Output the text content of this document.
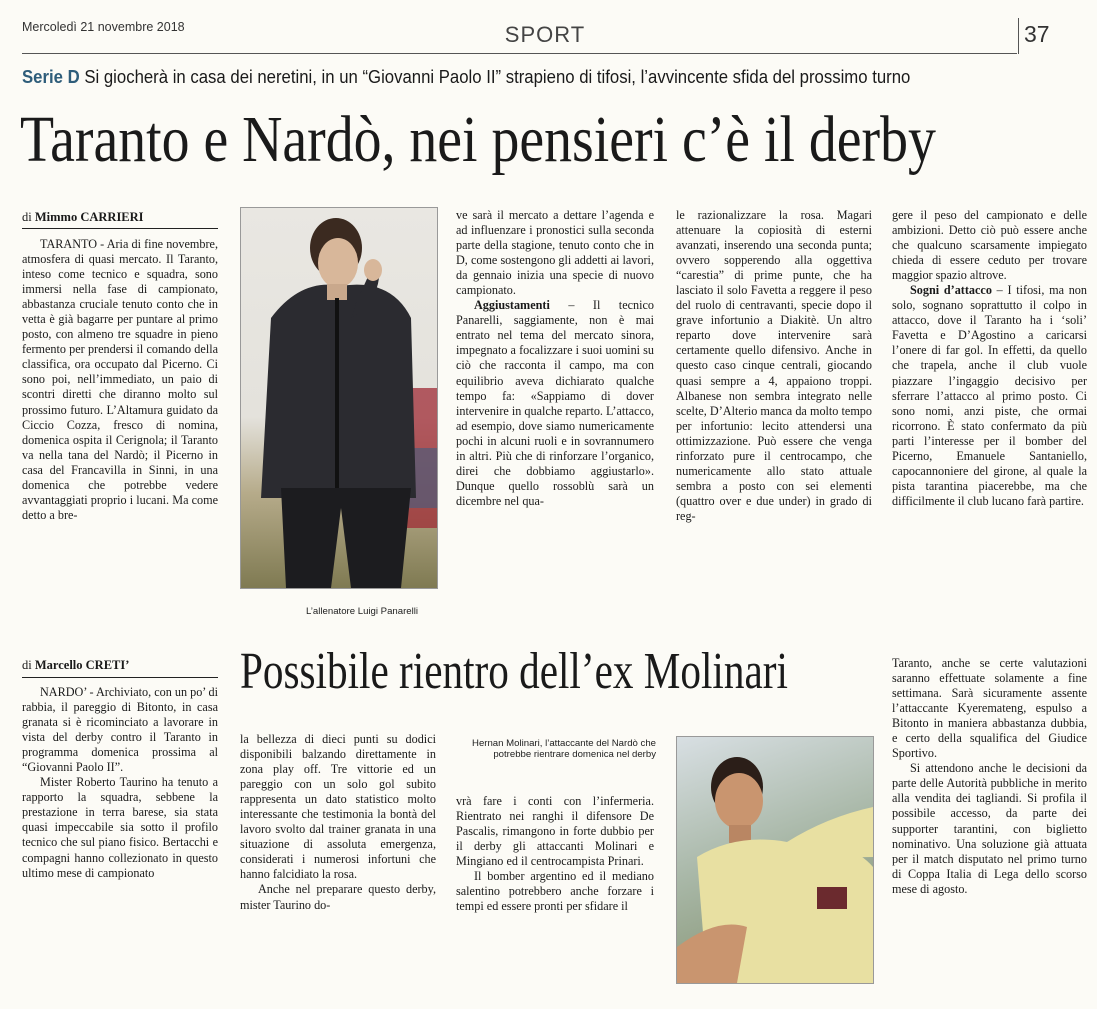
Mercoledì 21 novembre 2018	SPORT	37
Serie D Si giocherà in casa dei neretini, in un “Giovanni Paolo II” strapieno di tifosi, l’avvincente sfida del prossimo turno
Taranto e Nardò, nei pensieri c’è il derby
di Mimmo CARRIERI

TARANTO - Aria di fine novembre, atmosfera di quasi mercato. Il Taranto, inteso come tecnico e squadra, sono immersi nella fase di campionato, abbastanza cruciale tenuto conto che in vetta è già bagarre per puntare al primo posto, con almeno tre squadre in pieno fermento per prendersi il comando della classifica, ora occupato dal Picerno. Ci sono poi, nell’immediato, un paio di scontri diretti che diranno molto sul prossimo futuro. L’Altamura guidato da Ciccio Cozza, fresco di nomina, domenica ospita il Cerignola; il Taranto va nella tana del Nardò; il Picerno in casa del Francavilla in Sinni, in una domenica che potrebbe vedere avvantaggiati proprio i lucani. Ma come detto a bre-

L’allenatore Luigi Panarelli

ve sarà il mercato a dettare l’agenda e ad influenzare i pronostici sulla seconda parte della stagione, tenuto conto che in D, come sostengono gli addetti ai lavori, da gennaio inizia una specie di nuovo campionato.

Aggiustamenti – Il tecnico Panarelli, saggiamente, non è mai entrato nel tema del mercato sinora, impegnato a focalizzare i suoi uomini su ciò che racconta il campo, ma con equilibrio aveva dichiarato qualche tempo fa: «Sappiamo di dover intervenire in qualche reparto. L’attacco, ad esempio, dove siamo numericamente pochi in alcuni ruoli e in sovrannumero in altri. Più che di rinforzare l’organico, direi che dobbiamo aggiustarlo». Dunque quello rossoblù sarà un dicembre nel qua-

le razionalizzare la rosa. Magari attenuare la copiosità di esterni avanzati, inserendo una seconda punta; ovvero sopperendo alla oggettiva “carestia” di prime punte, che ha lasciato il solo Favetta a reggere il peso del ruolo di centravanti, specie dopo il grave infortunio a Diakitè. Un altro reparto dove intervenire sarà certamente quello difensivo. Anche in questo caso cinque centrali, giocando quasi sempre a 4, appaiono troppi. Albanese non sembra integrato nelle scelte, D’Alterio manca da molto tempo per infortunio: lecito attendersi una ottimizzazione. Può essere che venga rinforzato pure il centrocampo, che numericamente allo stato attuale sembra a posto con sei elementi (quattro over e due under) in grado di reg-

gere il peso del campionato e delle ambizioni. Detto ciò può essere anche che qualcuno scarsamente impiegato chieda di essere ceduto per trovare maggior spazio altrove.

Sogni d’attacco – I tifosi, ma non solo, sognano soprattutto il colpo in attacco, dove il Taranto ha i ‘soli’ Favetta e D’Agostino a caricarsi l’onere di far gol. In effetti, da quello che trapela, anche il club vuole piazzare l’ingaggio decisivo per sferrare l’attacco al primo posto. Ci sono nomi, anzi piste, che ormai ricorrono. È stato confermato da più parti l’interesse per il bomber del Picerno, Emanuele Santaniello, capocannoniere del girone, al quale la pista tarantina piacerebbe, ma che difficilmente il club lucano farà partire.

di Marcello CRETI’ Possibile rientro dell’ex Molinari

NARDO’ - Archiviato, con un po’ di rabbia, il pareggio di Bitonto, in casa granata si è ricominciato a lavorare in vista del derby contro il Taranto in programma domenica prossima al “Giovanni Paolo II”.

Mister Roberto Taurino ha tenuto a rapporto la squadra, sebbene la prestazione in terra barese, sia stata quasi impeccabile sia sotto il profilo tecnico che sul piano fisico. Bertacchi e compagni hanno collezionato in questo ultimo mese di campionato

la bellezza di dieci punti su dodici disponibili balzando direttamente in zona play off. Tre vittorie ed un pareggio con un solo gol subito rappresenta un dato statistico molto interessante che testimonia la bontà del lavoro svolto dal trainer granata in una situazione di assoluta emergenza, considerati i numerosi infortuni che hanno falcidiato la rosa.

Anche nel preparare questo derby, mister Taurino do-

Hernan Molinari, l’attaccante del Nardò che potrebbe rientrare domenica nel derby

vrà fare i conti con l’infermeria. Rientrato nei ranghi il difensore De Pascalis, rimangono in forte dubbio per il derby gli attaccanti Molinari e Mingiano ed il centrocampista Prinari.

Il bomber argentino ed il mediano salentino potrebbero anche forzare i tempi ed essere pronti per sfidare il

Taranto, anche se certe valutazioni saranno effettuate solamente a fine settimana. Sarà sicuramente assente l’attaccante Kyeremateng, espulso a Bitonto in maniera abbastanza dubbia, e certo della squalifica del Giudice Sportivo.

Si attendono anche le decisioni da parte delle Autorità pubbliche in merito alla vendita dei tagliandi. Si profila il possibile accesso, da parte dei supporter tarantini, con biglietto nominativo. Una soluzione già attuata per il match disputato nel primo turno di Coppa Italia di Lega dello scorso mese di agosto.
